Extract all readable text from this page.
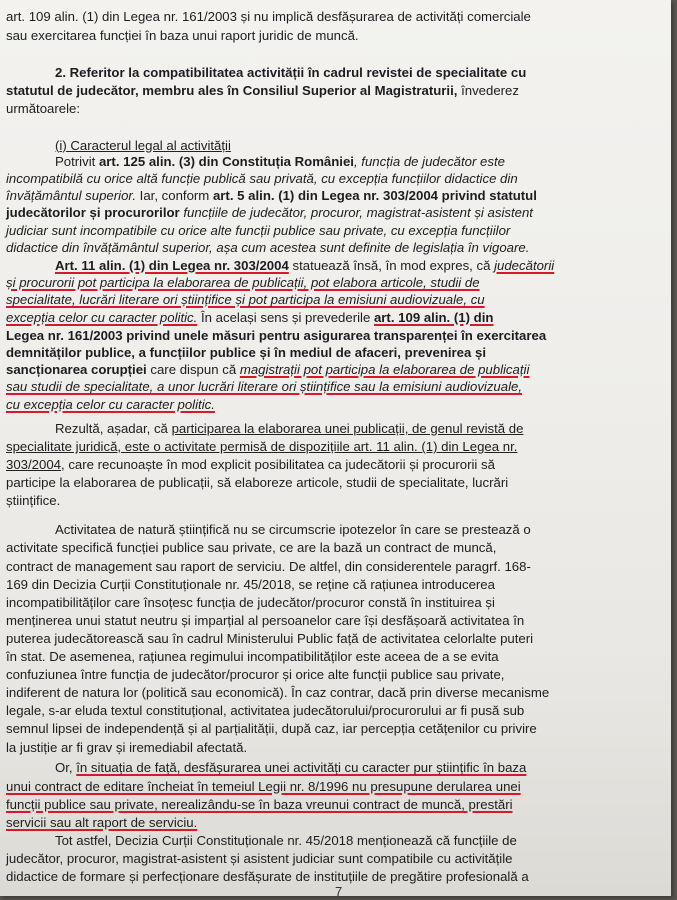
art. 109 alin. (1) din Legea nr. 161/2003 și nu implică desfășurarea de activități comerciale

sau exercitarea funcției în baza unui raport juridic de muncă.

2. Referitor la compatibilitatea activității în cadrul revistei de specialitate cu

statutul de judecător, membru ales în Consiliul Superior al Magistraturii, învederez

următoarele:

(i) Caracterul legal al activității

Potrivit art. 125 alin. (3) din Constituția României, funcția de judecător este

incompatibilă cu orice altă funcție publică sau privată, cu excepția funcțiilor didactice din

învățământul superior. Iar, conform art. 5 alin. (1) din Legea nr. 303/2004 privind statutul

judecătorilor și procurorilor funcțiile de judecător, procuror, magistrat-asistent și asistent

judiciar sunt incompatibile cu orice alte funcții publice sau private, cu excepția funcțiilor

didactice din învățământul superior, așa cum acestea sunt definite de legislația în vigoare.

Art. 11 alin. (1) din Legea nr. 303/2004 statuează însă, în mod expres, că judecătorii

și procurorii pot participa la elaborarea de publicații, pot elabora articole, studii de

specialitate, lucrări literare ori științifice și pot participa la emisiuni audiovizuale, cu

excepția celor cu caracter politic. În același sens și prevederile art. 109 alin. (1) din

Legea nr. 161/2003 privind unele măsuri pentru asigurarea transparenței în exercitarea

demnităților publice, a funcțiilor publice și în mediul de afaceri, prevenirea și

sancționarea corupției care dispun că magistrații pot participa la elaborarea de publicații

sau studii de specialitate, a unor lucrări literare ori științifice sau la emisiuni audiovizuale,

cu excepția celor cu caracter politic.

Rezultă, așadar, că participarea la elaborarea unei publicații, de genul revistă de

specialitate juridică, este o activitate permisă de dispozițiile art. 11 alin. (1) din Legea nr.

303/2004, care recunoaște în mod explicit posibilitatea ca judecătorii și procurorii să

participe la elaborarea de publicații, să elaboreze articole, studii de specialitate, lucrări

științifice.

Activitatea de natură științifică nu se circumscrie ipotezelor în care se prestează o

activitate specifică funcției publice sau private, ce are la bază un contract de muncă,

contract de management sau raport de serviciu. De altfel, din considerentele paragrf. 168-

169 din Decizia Curții Constituționale nr. 45/2018, se reține că rațiunea introducerea

incompatibilităților care însoțesc funcția de judecător/procuror constă în instituirea și

menținerea unui statut neutru și imparțial al persoanelor care își desfășoară activitatea în

puterea judecătorească sau în cadrul Ministerului Public față de activitatea celorlalte puteri

în stat. De asemenea, rațiunea regimului incompatibilităților este aceea de a se evita

confuziunea între funcția de judecător/procuror și orice alte funcții publice sau private,

indiferent de natura lor (politică sau economică). În caz contrar, dacă prin diverse mecanisme

legale, s-ar eluda textul constituțional, activitatea judecătorului/procurorului ar fi pusă sub

semnul lipsei de independență și al parțialității, după caz, iar percepția cetățenilor cu privire

la justiție ar fi grav și iremediabil afectată.

Or, în situația de față, desfășurarea unei activități cu caracter pur științific în baza

unui contract de editare încheiat în temeiul Legii nr. 8/1996 nu presupune derularea unei

funcții publice sau private, nerealizându-se în baza vreunui contract de muncă, prestări

servicii sau alt raport de serviciu.

Tot astfel, Decizia Curții Constituționale nr. 45/2018 menționează că funcțiile de

judecător, procuror, magistrat-asistent și asistent judiciar sunt compatibile cu activitățile

didactice de formare și perfecționare desfășurate de instituțiile de pregătire profesională a

7
